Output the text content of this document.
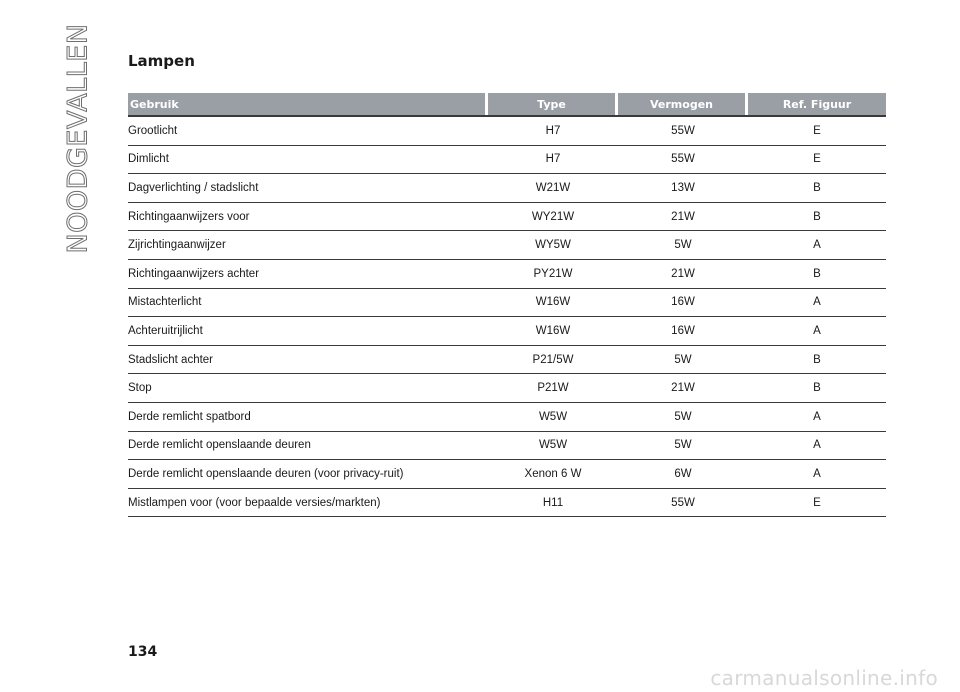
NOODGEVALLEN Lampen
Gebruik	Type	Vermogen	Ref. Figuur
Grootlicht	H7	55W	E
Dimlicht	H7	55W	E
Dagverlichting / stadslicht	W21W	13W	B
Richtingaanwijzers voor	WY21W	21W	B
Zijrichtingaanwijzer	WY5W	5W	A
Richtingaanwijzers achter	PY21W	21W	B
Mistachterlicht	W16W	16W	A
Achteruitrijlicht	W16W	16W	A
Stadslicht achter	P21/5W	5W	B
Stop	P21W	21W	B
Derde remlicht spatbord	W5W	5W	A
Derde remlicht openslaande deuren	W5W	5W	A
Derde remlicht openslaande deuren (voor privacy-ruit)	Xenon 6 W	6W	A
Mistlampen voor (voor bepaalde versies/markten)	H11	55W	E
134
carmanualsonline.info
